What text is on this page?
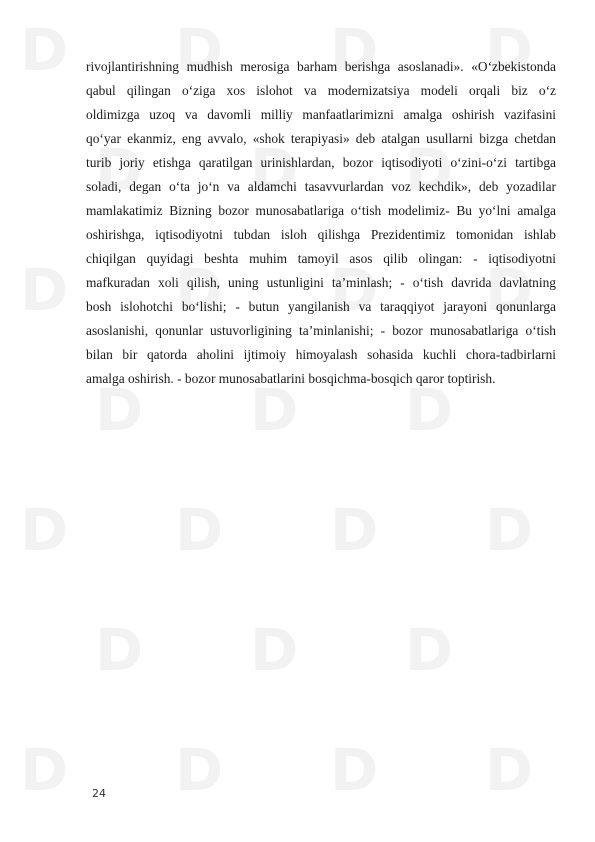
D D D D
D D D
D D D D
D D D
D D D D
D D D
D D D D
rivojlantirishning mudhish merosiga barham berishga asoslanadi». «O‘zbekistonda
qabul qilingan o‘ziga xos islohot va modernizatsiya modeli orqali biz o‘z
oldimizga uzoq va davomli milliy manfaatlarimizni amalga oshirish vazifasini
qo‘yar ekanmiz, eng avvalo, «shok terapiyasi» deb atalgan usullarni bizga chetdan
turib joriy etishga qaratilgan urinishlardan, bozor iqtisodiyoti o‘zini-o‘zi tartibga
soladi, degan o‘ta jo‘n va aldamchi tasavvurlardan voz kechdik», deb yozadilar
mamlakatimiz Bizning bozor munosabatlariga o‘tish modelimiz- Bu yo‘lni amalga
oshirishga, iqtisodiyotni tubdan isloh qilishga Prezidentimiz tomonidan ishlab
chiqilgan quyidagi beshta muhim tamoyil asos qilib olingan: - iqtisodiyotni
mafkuradan xoli qilish, uning ustunligini ta’minlash; - o‘tish davrida davlatning
bosh islohotchi bo‘lishi; - butun yangilanish va taraqqiyot jarayoni qonunlarga
asoslanishi, qonunlar ustuvorligining ta’minlanishi; - bozor munosabatlariga o‘tish
bilan bir qatorda aholini ijtimoiy himoyalash sohasida kuchli chora-tadbirlarni
amalga oshirish. - bozor munosabatlarini bosqichma-bosqich qaror toptirish.
24
